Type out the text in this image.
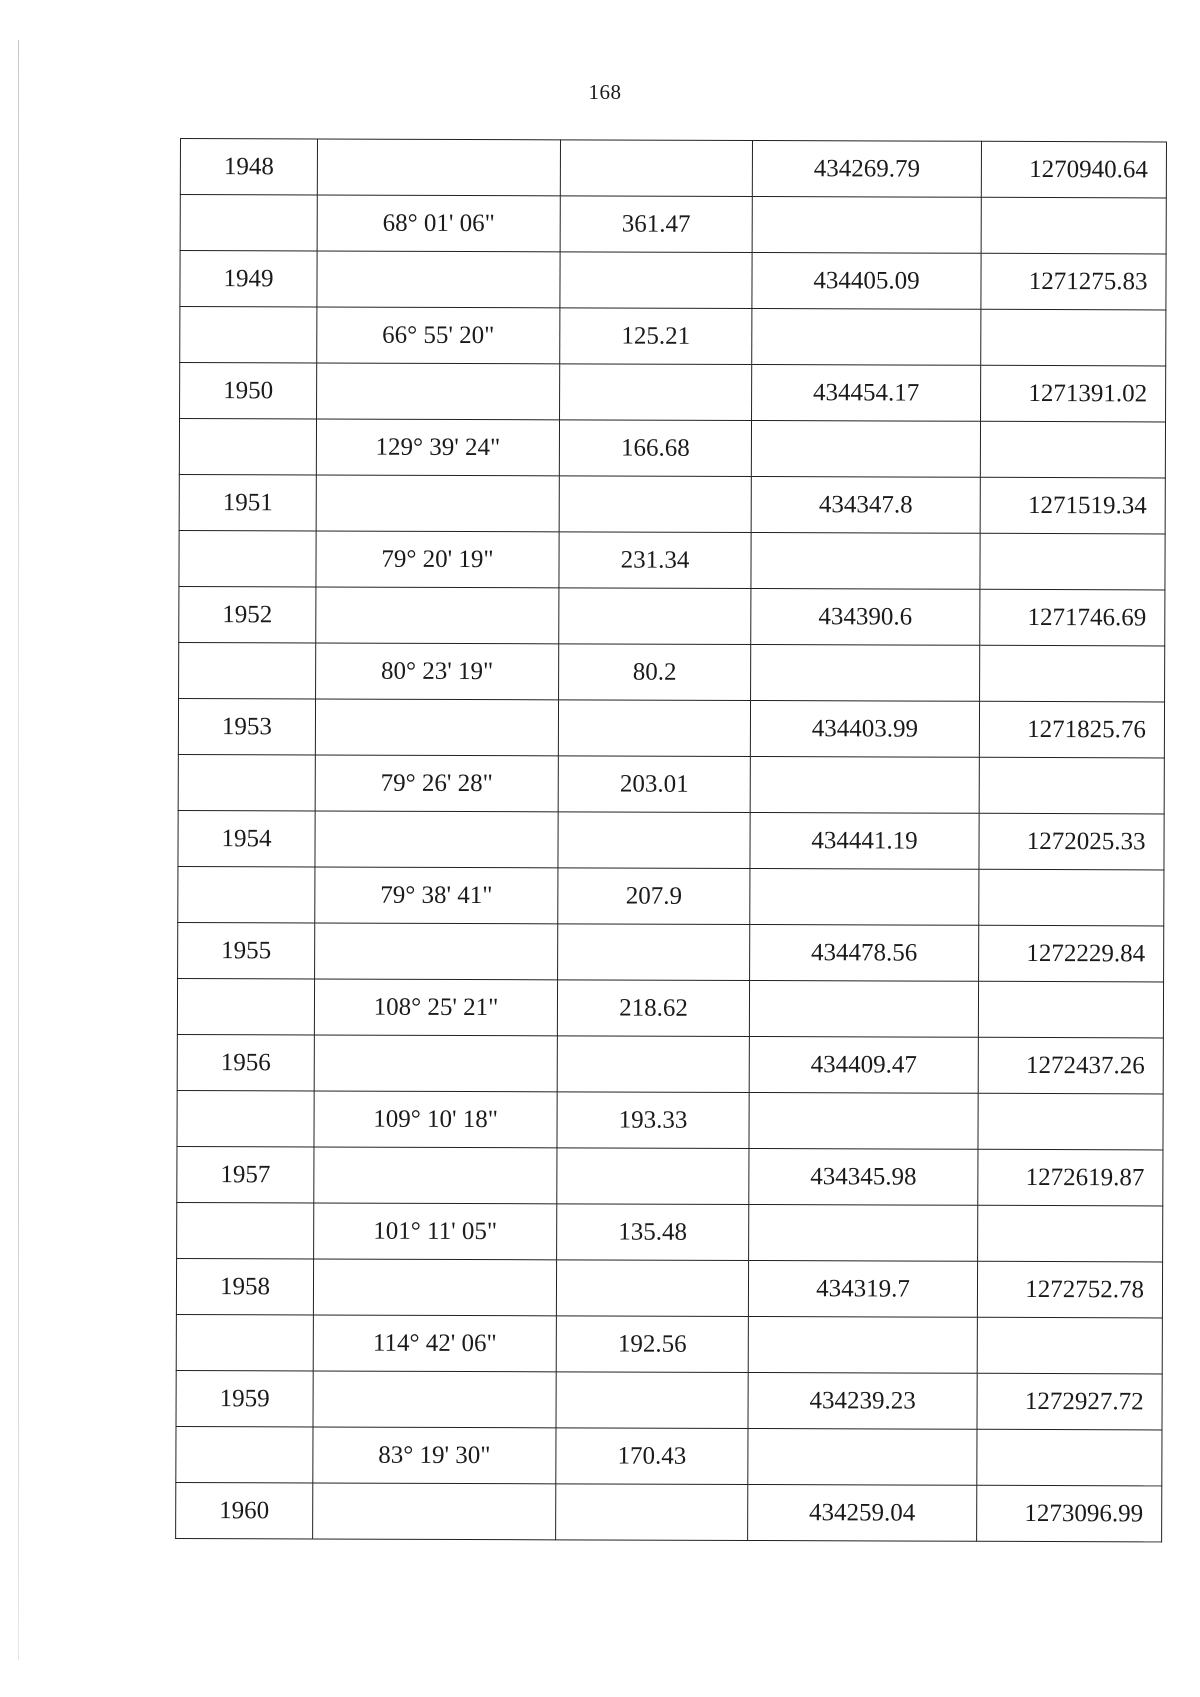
168
1948			434269.79	1270940.64
	68° 01' 06"	361.47		
1949			434405.09	1271275.83
	66° 55' 20"	125.21		
1950			434454.17	1271391.02
	129° 39' 24"	166.68		
1951			434347.8	1271519.34
	79° 20' 19"	231.34		
1952			434390.6	1271746.69
	80° 23' 19"	80.2		
1953			434403.99	1271825.76
	79° 26' 28"	203.01		
1954			434441.19	1272025.33
	79° 38' 41"	207.9		
1955			434478.56	1272229.84
	108° 25' 21"	218.62		
1956			434409.47	1272437.26
	109° 10' 18"	193.33		
1957			434345.98	1272619.87
	101° 11' 05"	135.48		
1958			434319.7	1272752.78
	114° 42' 06"	192.56		
1959			434239.23	1272927.72
	83° 19' 30"	170.43		
1960			434259.04	1273096.99
